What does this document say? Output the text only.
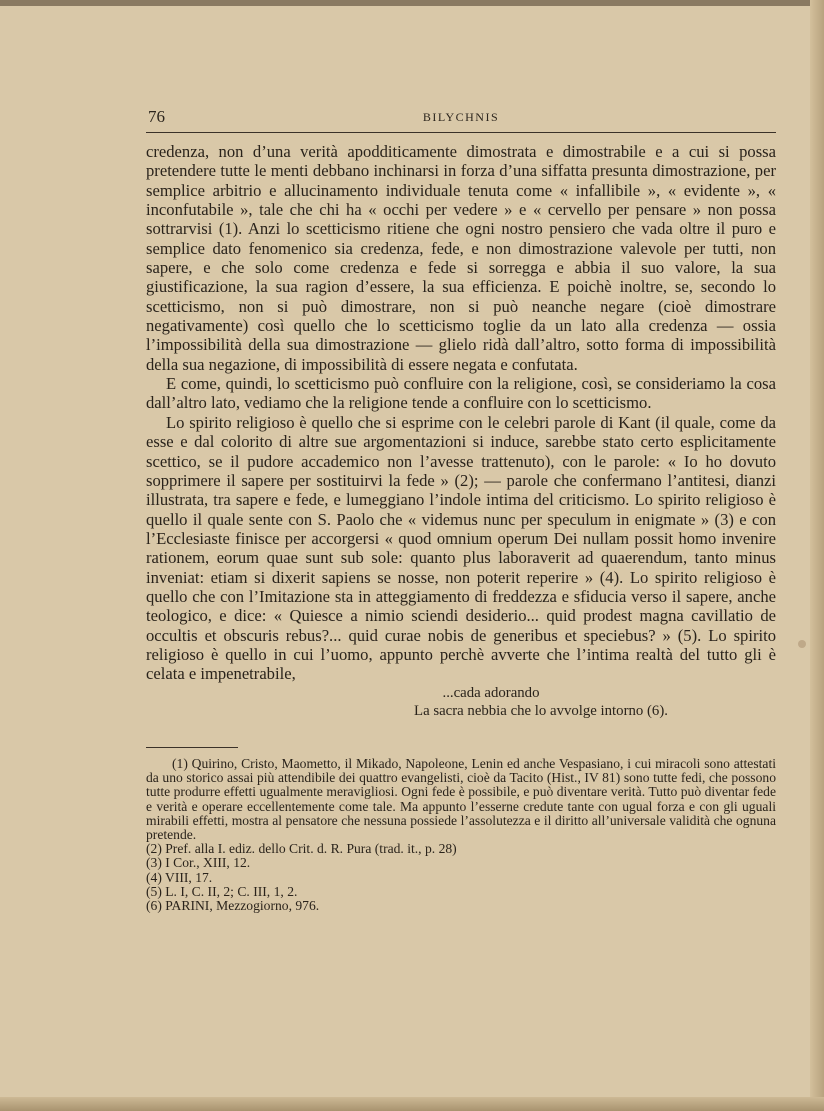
76	BILYCHNIS

credenza, non d’una verità apodditicamente dimostrata e dimostrabile e a cui si possa pretendere tutte le menti debbano inchinarsi in forza d’una siffatta presunta dimostrazione, per semplice arbitrio e allucinamento individuale tenuta come « infallibile », « evidente », « inconfutabile », tale che chi ha « occhi per vedere » e « cervello per pensare » non possa sottrarvisi (1). Anzi lo scetticismo ritiene che ogni nostro pensiero che vada oltre il puro e semplice dato fenomenico sia credenza, fede, e non dimostrazione valevole per tutti, non sapere, e che solo come credenza e fede si sorregga e abbia il suo valore, la sua giustificazione, la sua ragion d’essere, la sua efficienza. E poichè inoltre, se, secondo lo scetticismo, non si può dimostrare, non si può neanche negare (cioè dimostrare negativamente) così quello che lo scetticismo toglie da un lato alla credenza — ossia l’impossibilità della sua dimostrazione — glielo ridà dall’altro, sotto forma di impossibilità della sua negazione, di impossibilità di essere negata e confutata.

E come, quindi, lo scetticismo può confluire con la religione, così, se consideriamo la cosa dall’altro lato, vediamo che la religione tende a confluire con lo scetticismo.

Lo spirito religioso è quello che si esprime con le celebri parole di Kant (il quale, come da esse e dal colorito di altre sue argomentazioni si induce, sarebbe stato certo esplicitamente scettico, se il pudore accademico non l’avesse trattenuto), con le parole: « Io ho dovuto sopprimere il sapere per sostituirvi la fede » (2); — parole che confermano l’antitesi, dianzi illustrata, tra sapere e fede, e lumeggiano l’indole intima del criticismo. Lo spirito religioso è quello il quale sente con S. Paolo che « videmus nunc per speculum in enigmate » (3) e con l’Ecclesiaste finisce per accorgersi « quod omnium operum Dei nullam possit homo invenire rationem, eorum quae sunt sub sole: quanto plus laboraverit ad quaerendum, tanto minus inveniat: etiam si dixerit sapiens se nosse, non poterit reperire » (4). Lo spirito religioso è quello che con l’Imitazione sta in atteggiamento di freddezza e sfiducia verso il sapere, anche teologico, e dice: « Quiesce a nimio sciendi desiderio... quid prodest magna cavillatio de occultis et obscuris rebus?... quid curae nobis de generibus et speciebus? » (5). Lo spirito religioso è quello in cui l’uomo, appunto perchè avverte che l’intima realtà del tutto gli è celata e impenetrabile,

...cada adorando
La sacra nebbia che lo avvolge intorno (6).

(1) Quirino, Cristo, Maometto, il Mikado, Napoleone, Lenin ed anche Vespasiano, i cui miracoli sono attestati da uno storico assai più attendibile dei quattro evangelisti, cioè da Tacito (Hist., IV 81) sono tutte fedi, che possono tutte produrre effetti ugualmente meravigliosi. Ogni fede è possibile, e può diventare verità. Tutto può diventar fede e verità e operare eccellentemente come tale. Ma appunto l’esserne credute tante con ugual forza e con gli uguali mirabili effetti, mostra al pensatore che nessuna possiede l’assolutezza e il diritto all’universale validità che ognuna pretende.

(2) Pref. alla I. ediz. dello Crit. d. R. Pura (trad. it., p. 28)

(3) I Cor., XIII, 12.

(4) VIII, 17.

(5) L. I, C. II, 2; C. III, 1, 2.

(6) PARINI, Mezzogiorno, 976.
